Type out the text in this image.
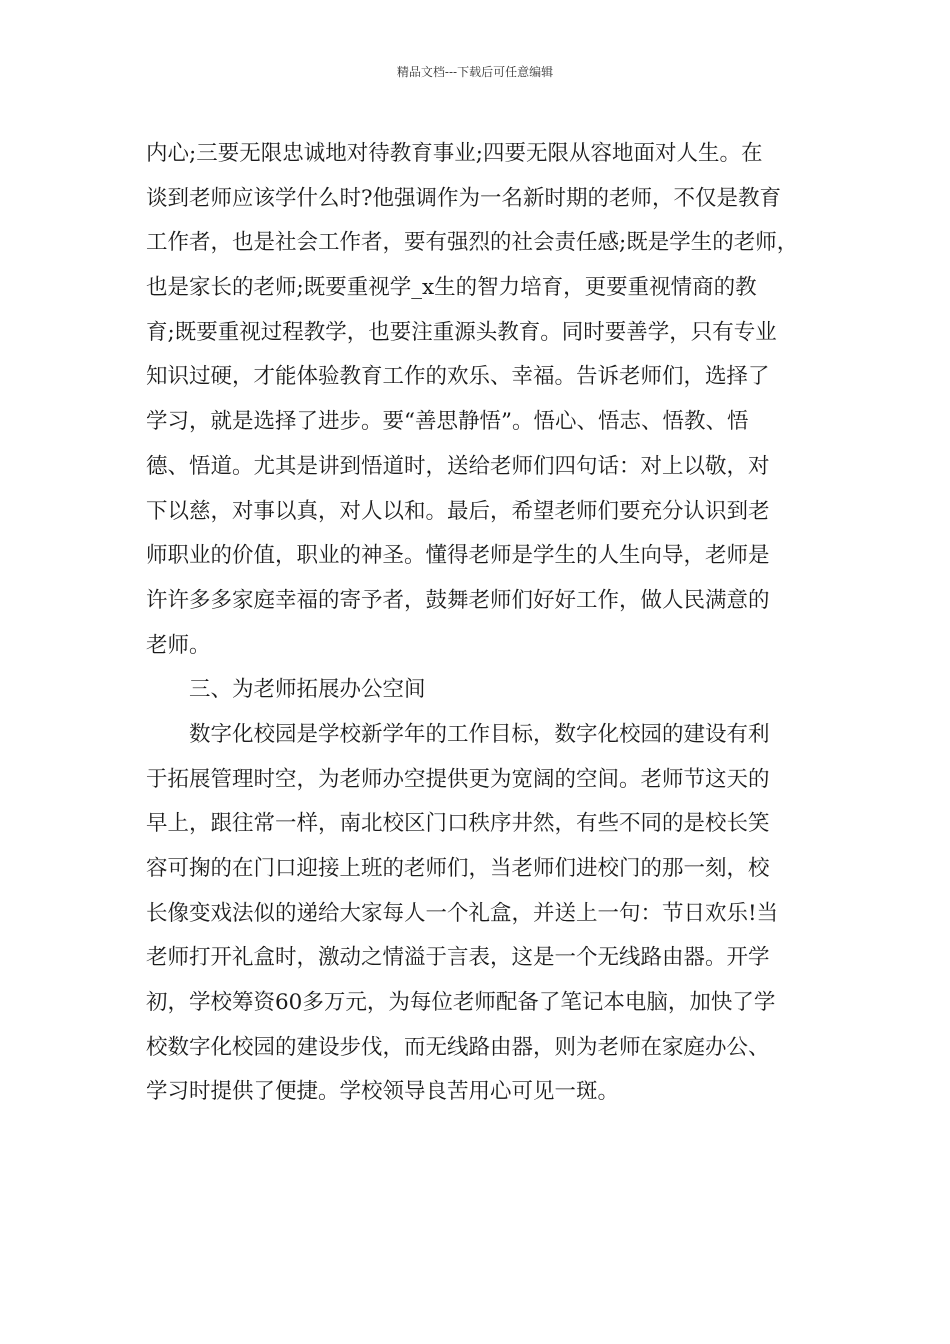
精品文档---下载后可任意编辑
内心;三要无限忠诚地对待教育事业;四要无限从容地面对人生。在
谈到老师应该学什么时?他强调作为一名新时期的老师，不仅是教育
工作者，也是社会工作者，要有强烈的社会责任感;既是学生的老师，
也是家长的老师;既要重视学_x生的智力培育，更要重视情商的教
育;既要重视过程教学，也要注重源头教育。同时要善学，只有专业
知识过硬，才能体验教育工作的欢乐、幸福。告诉老师们，选择了
学习，就是选择了进步。要“善思静悟”。悟心、悟志、悟教、悟
德、悟道。尤其是讲到悟道时，送给老师们四句话：对上以敬，对
下以慈，对事以真，对人以和。最后，希望老师们要充分认识到老
师职业的价值，职业的神圣。懂得老师是学生的人生向导，老师是
许许多多家庭幸福的寄予者，鼓舞老师们好好工作，做人民满意的
老师。
三、为老师拓展办公空间
数字化校园是学校新学年的工作目标，数字化校园的建设有利
于拓展管理时空，为老师办空提供更为宽阔的空间。老师节这天的
早上，跟往常一样，南北校区门口秩序井然，有些不同的是校长笑
容可掬的在门口迎接上班的老师们，当老师们进校门的那一刻，校
长像变戏法似的递给大家每人一个礼盒，并送上一句：节日欢乐!当
老师打开礼盒时，激动之情溢于言表，这是一个无线路由器。开学
初，学校筹资60多万元，为每位老师配备了笔记本电脑，加快了学
校数字化校园的建设步伐，而无线路由器，则为老师在家庭办公、
学习时提供了便捷。学校领导良苦用心可见一斑。
